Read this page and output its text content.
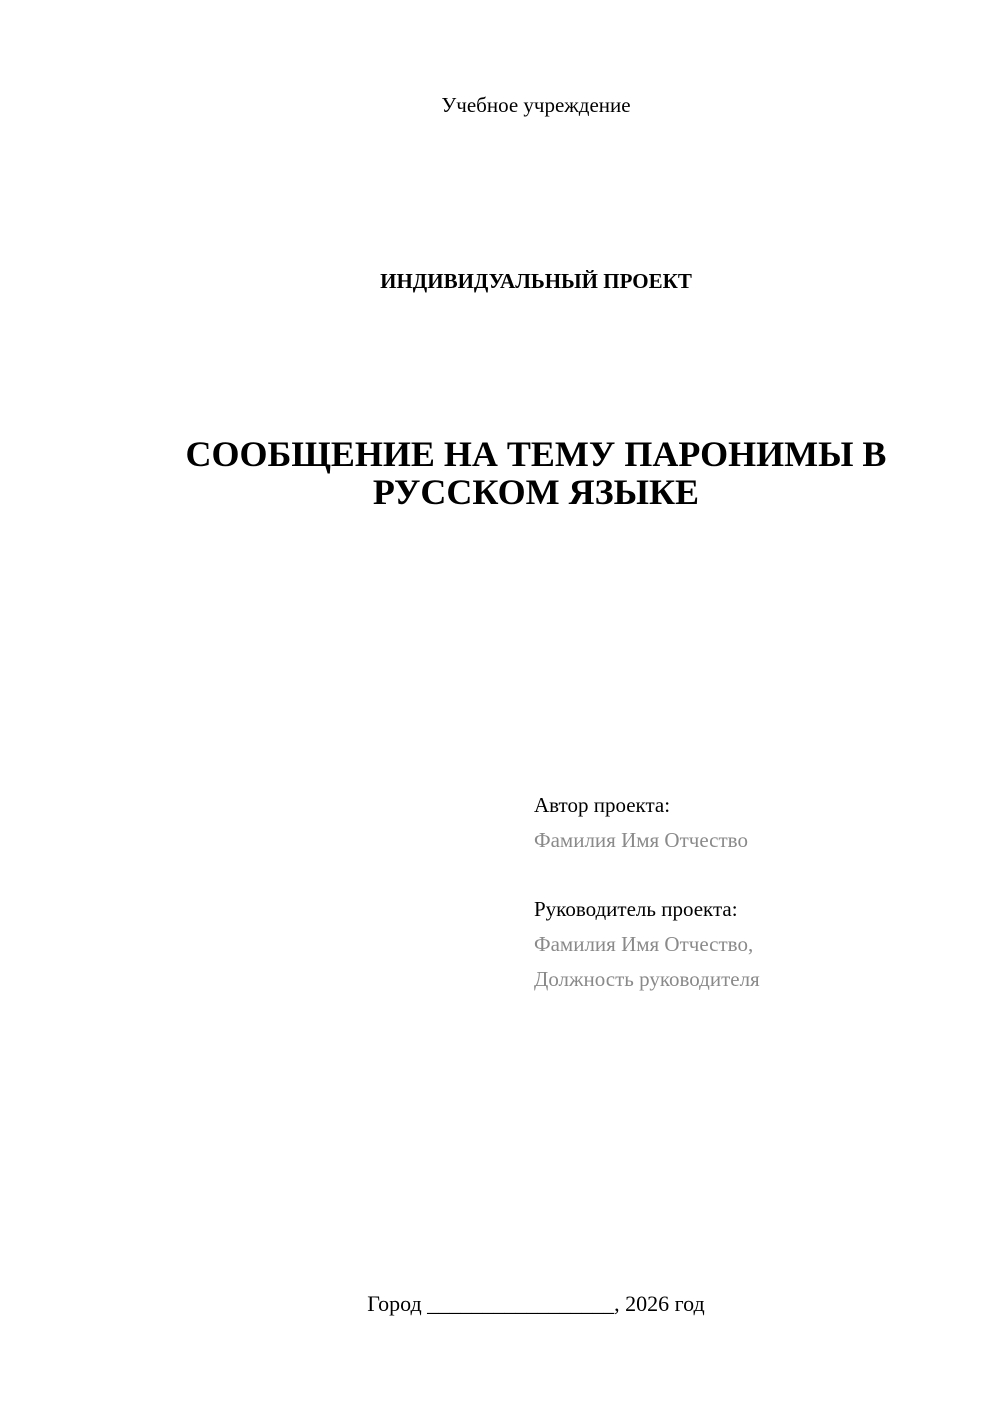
Учебное учреждение
ИНДИВИДУАЛЬНЫЙ ПРОЕКТ
СООБЩЕНИЕ НА ТЕМУ ПАРОНИМЫ В РУССКОМ ЯЗЫКЕ
Автор проекта:
Фамилия Имя Отчество
Руководитель проекта:
Фамилия Имя Отчество,
Должность руководителя
Город _________________, 2026 год
